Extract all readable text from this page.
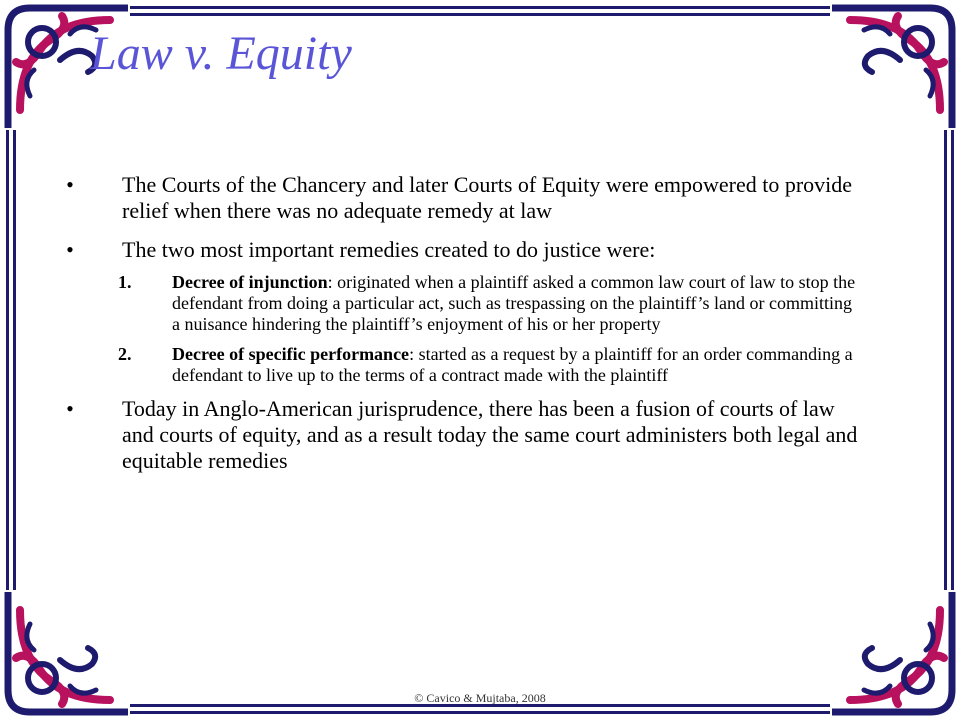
Law v. Equity
• The Courts of the Chancery and later Courts of Equity were empowered to provide relief when there was no adequate remedy at law
• The two most important remedies created to do justice were:
1. Decree of injunction: originated when a plaintiff asked a common law court of law to stop the defendant from doing a particular act, such as trespassing on the plaintiff’s land or committing a nuisance hindering the plaintiff’s enjoyment of his or her property
2. Decree of specific performance: started as a request by a plaintiff for an order commanding a defendant to live up to the terms of a contract made with the plaintiff
• Today in Anglo-American jurisprudence, there has been a fusion of courts of law and courts of equity, and as a result today the same court administers both legal and equitable remedies
© Cavico & Mujtaba, 2008
